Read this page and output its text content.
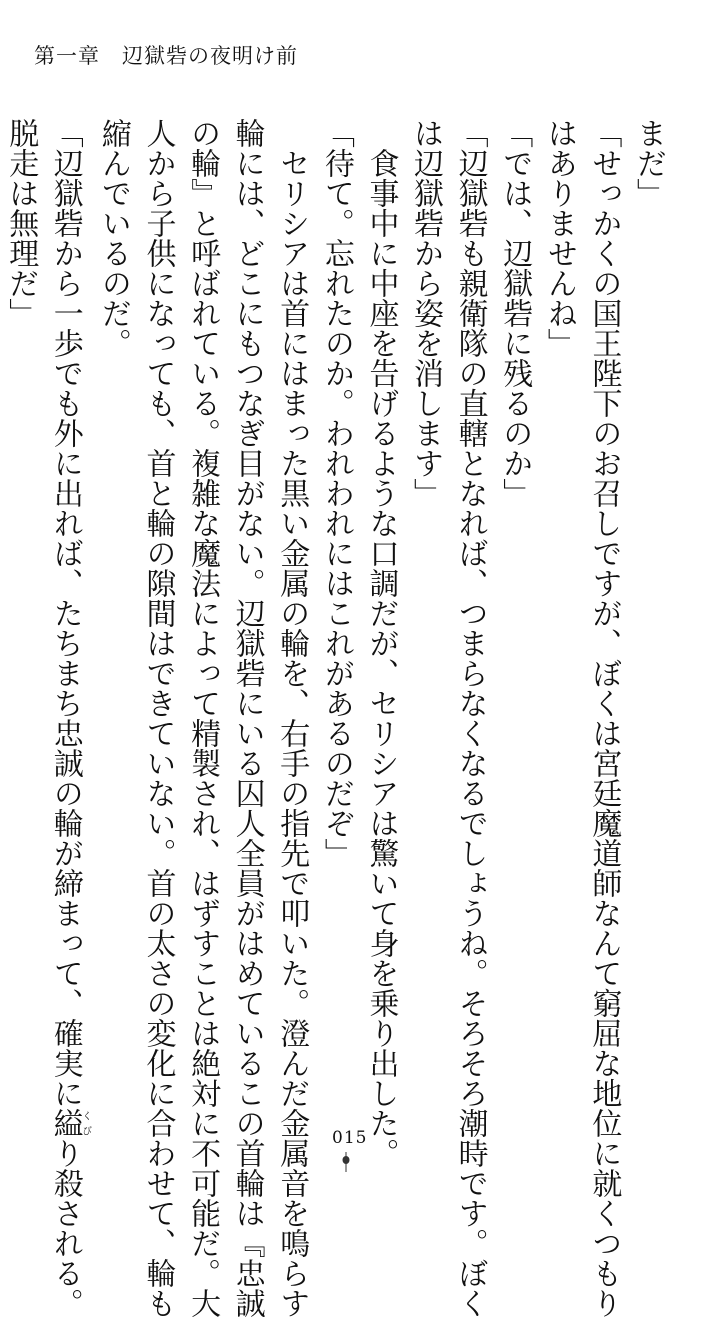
第一章　辺獄砦の夜明け前
まだ」
「せっかくの国王陛下のお召しですが、ぼくは宮廷魔道師なんて窮屈な地位に就くつもり
はありませんね」
「では、辺獄砦に残るのか」
「辺獄砦も親衛隊の直轄となれば、つまらなくなるでしょうね。そろそろ潮時です。ぼく
は辺獄砦から姿を消します」
　食事中に中座を告げるような口調だが、セリシアは驚いて身を乗り出した。
「待て。忘れたのか。われわれにはこれがあるのだぞ」
　セリシアは首にはまった黒い金属の輪を、右手の指先で叩いた。澄んだ金属音を鳴らす
輪には、どこにもつなぎ目がない。辺獄砦にいる囚人全員がはめているこの首輪は『忠誠
の輪』と呼ばれている。複雑な魔法によって精製され、はずすことは絶対に不可能だ。大
人から子供になっても、首と輪の隙間はできていない。首の太さの変化に合わせて、輪も
縮んでいるのだ。
「辺獄砦から一歩でも外に出れば、たちまち忠誠の輪が締まって、確実に縊くびり殺される。
脱走は無理だ」
015
